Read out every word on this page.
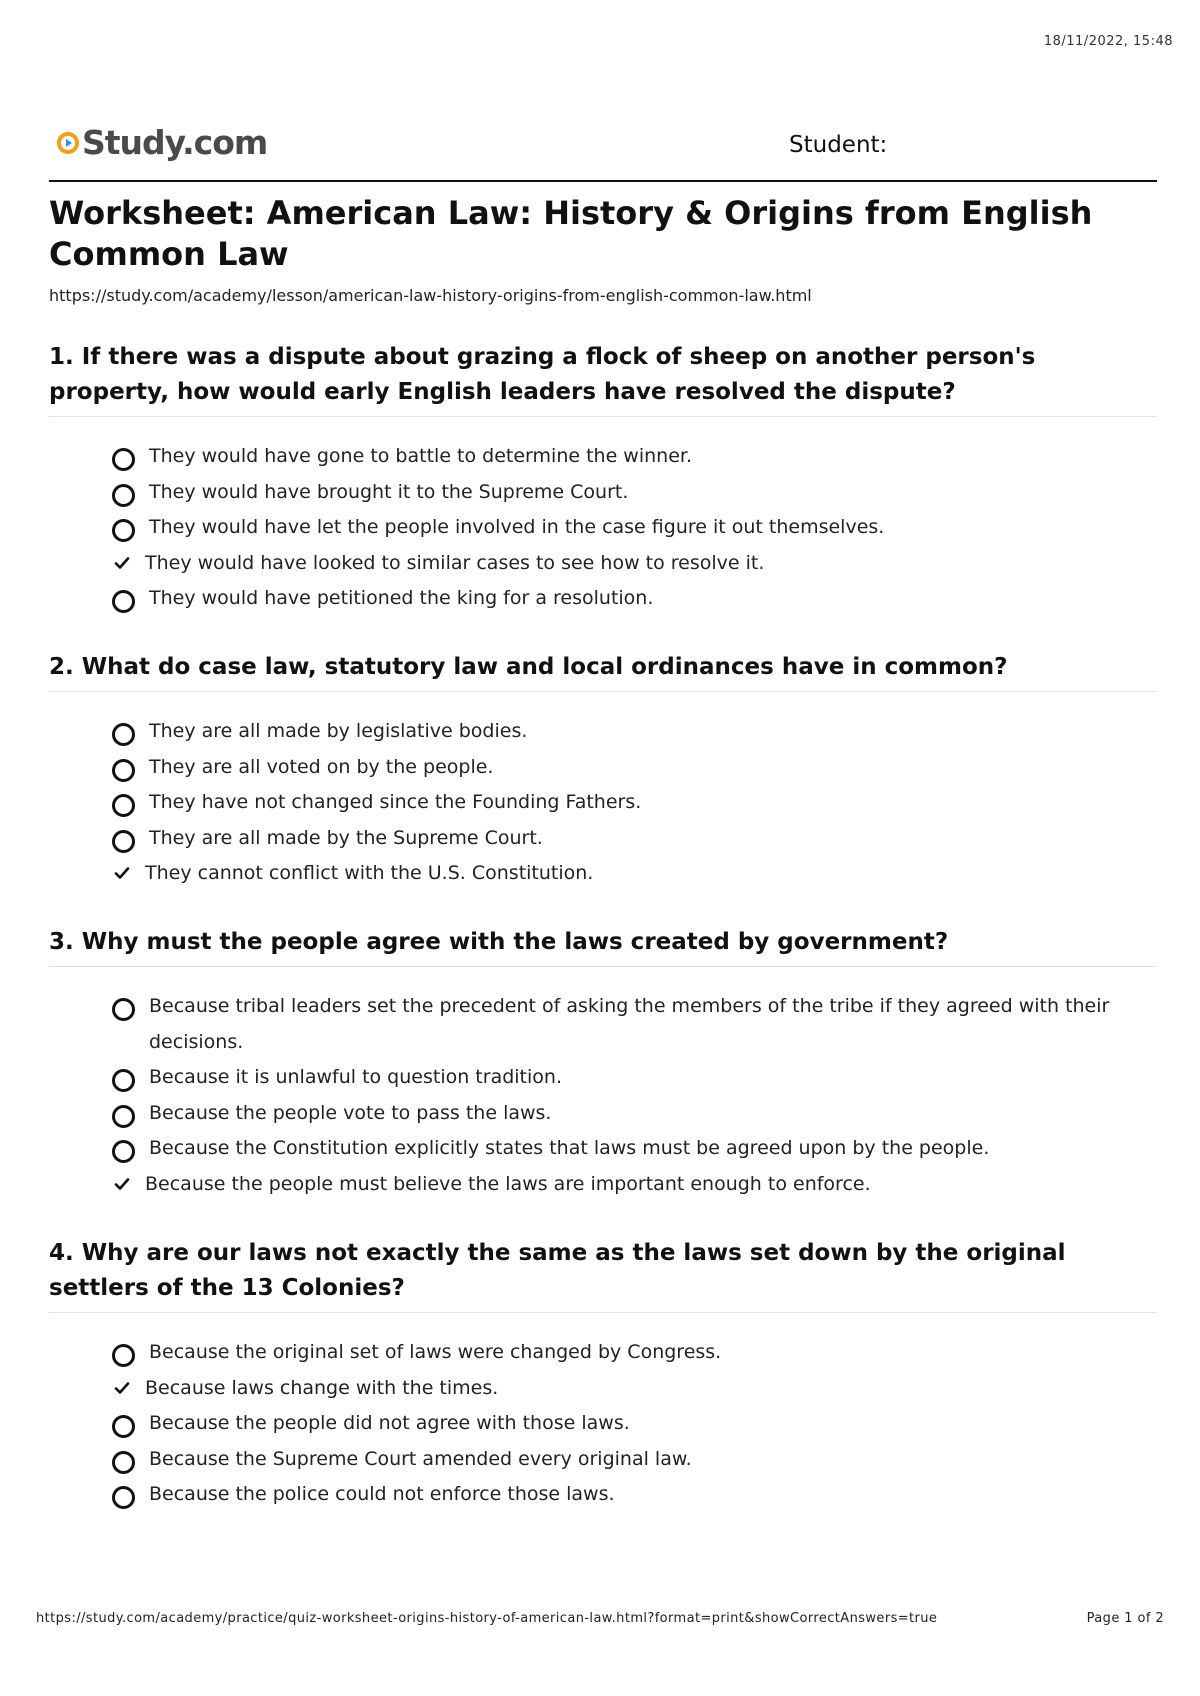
18/11/2022, 15:48
Study.com	Student:
Worksheet: American Law: History & Origins from English Common Law
https://study.com/academy/lesson/american-law-history-origins-from-english-common-law.html
1. If there was a dispute about grazing a flock of sheep on another person's property, how would early English leaders have resolved the dispute?
They would have gone to battle to determine the winner.
They would have brought it to the Supreme Court.
They would have let the people involved in the case figure it out themselves.
They would have looked to similar cases to see how to resolve it.
They would have petitioned the king for a resolution.
2. What do case law, statutory law and local ordinances have in common?
They are all made by legislative bodies.
They are all voted on by the people.
They have not changed since the Founding Fathers.
They are all made by the Supreme Court.
They cannot conflict with the U.S. Constitution.
3. Why must the people agree with the laws created by government?
Because tribal leaders set the precedent of asking the members of the tribe if they agreed with their decisions.
Because it is unlawful to question tradition.
Because the people vote to pass the laws.
Because the Constitution explicitly states that laws must be agreed upon by the people.
Because the people must believe the laws are important enough to enforce.
4. Why are our laws not exactly the same as the laws set down by the original settlers of the 13 Colonies?
Because the original set of laws were changed by Congress.
Because laws change with the times.
Because the people did not agree with those laws.
Because the Supreme Court amended every original law.
Because the police could not enforce those laws.
https://study.com/academy/practice/quiz-worksheet-origins-history-of-american-law.html?format=print&showCorrectAnswers=true	Page 1 of 2
